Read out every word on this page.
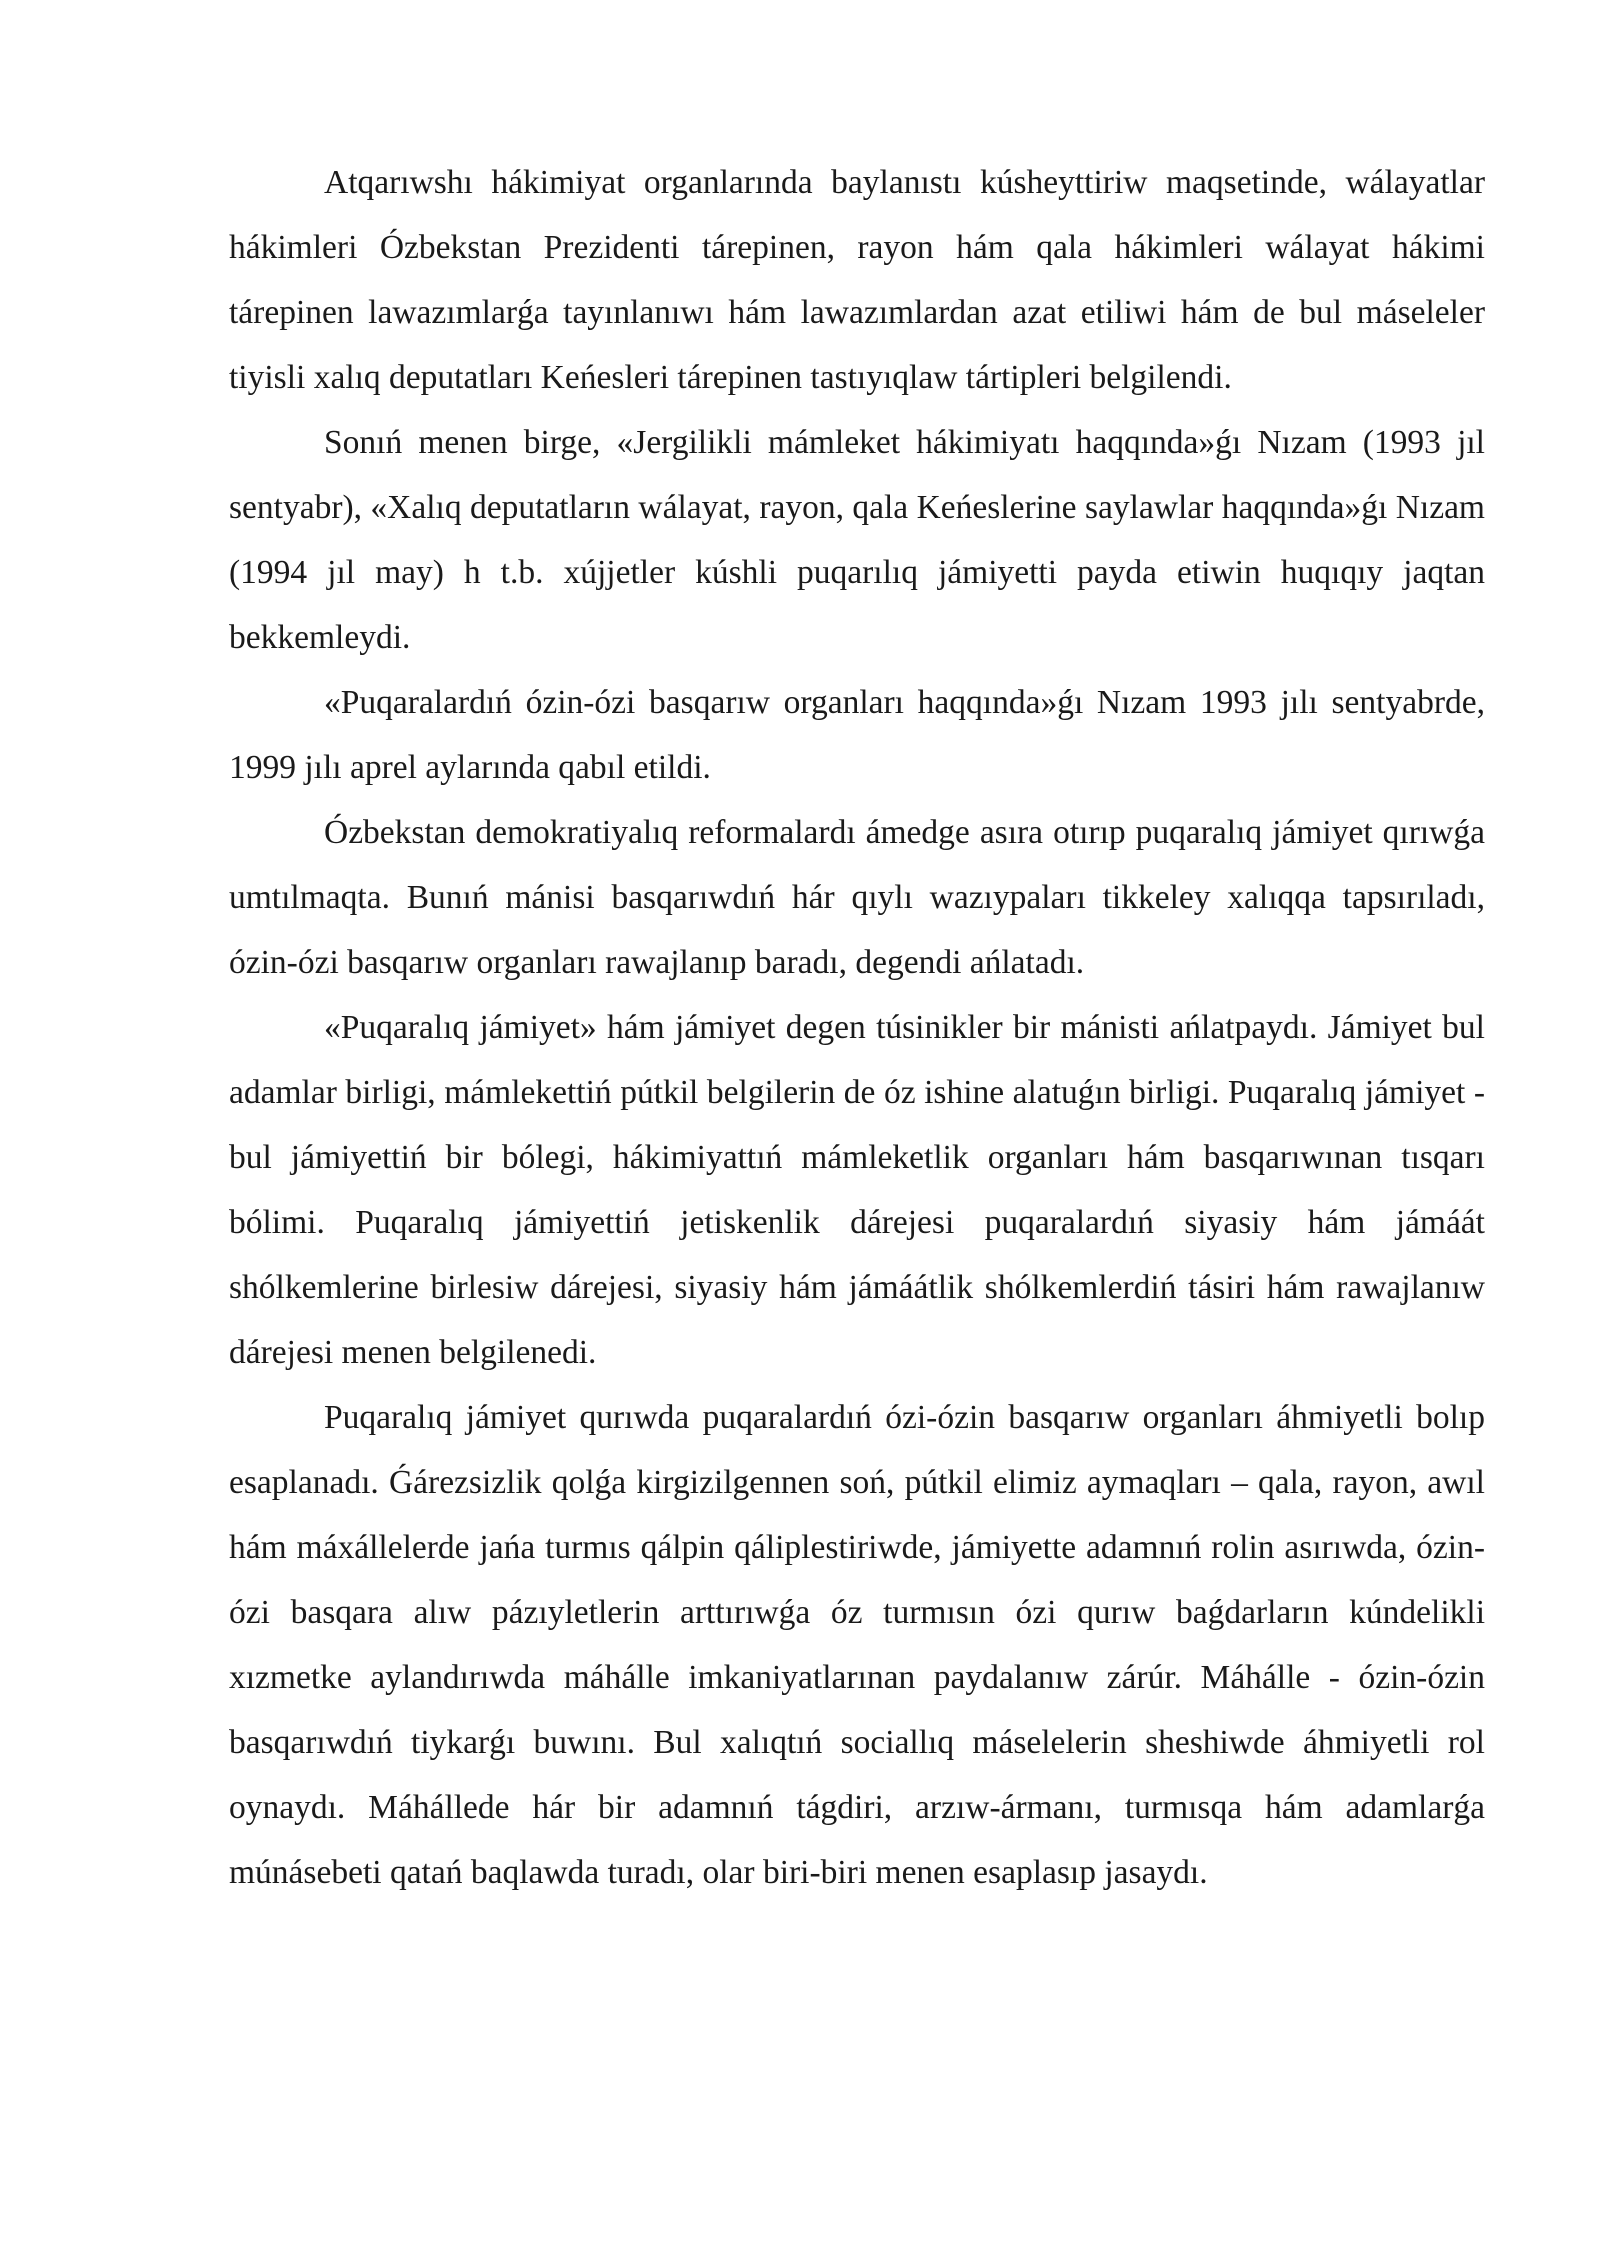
Atqarıwshı hákimiyat organlarında baylanıstı kúsheyttiriw maqsetinde, wálayatlar hákimleri Ózbekstan Prezidenti tárepinen, rayon hám qala hákimleri wálayat hákimi tárepinen lawazımlarǵa tayınlanıwı hám lawazımlardan azat etiliwi hám de bul máseleler tiyisli xalıq deputatları Keńesleri tárepinen tastıyıqlaw tártipleri belgilendi.

Sonıń menen birge, «Jergilikli mámleket hákimiyatı haqqında»ǵı Nızam (1993 jıl sentyabr), «Xalıq deputatların wálayat, rayon, qala Keńeslerine saylawlar haqqında»ǵı Nızam (1994 jıl may) h t.b. xújjetler kúshli puqarılıq jámiyetti payda etiwin huqıqıy jaqtan bekkemleydi.

«Puqaralardıń ózin-ózi basqarıw organları haqqında»ǵı Nızam 1993 jılı sentyabrde, 1999 jılı aprel aylarında qabıl etildi.

Ózbekstan demokratiyalıq reformalardı ámedge asıra otırıp puqaralıq jámiyet qırıwǵa umtılmaqta. Bunıń mánisi basqarıwdıń hár qıylı wazıypaları tikkeley xalıqqa tapsırıladı, ózin-ózi basqarıw organları rawajlanıp baradı, degendi ańlatadı.

«Puqaralıq jámiyet» hám jámiyet degen túsinikler bir mánisti ańlatpaydı. Jámiyet bul adamlar birligi, mámlekettiń pútkil belgilerin de óz ishine alatuǵın birligi. Puqaralıq jámiyet - bul jámiyettiń bir bólegi, hákimiyattıń mámleketlik organları hám basqarıwınan tısqarı bólimi. Puqaralıq jámiyettiń jetiskenlik dárejesi puqaralardıń siyasiy hám jámáát shólkemlerine birlesiw dárejesi, siyasiy hám jámáátlik shólkemlerdiń tásiri hám rawajlanıw dárejesi menen belgilenedi.

Puqaralıq jámiyet qurıwda puqaralardıń ózi-ózin basqarıw organları áhmiyetli bolıp esaplanadı. Ǵárezsizlik qolǵa kirgizilgennen soń, pútkil elimiz aymaqları – qala, rayon, awıl hám máxállelerde jańa turmıs qálpin qáliplestiriwde, jámiyette adamnıń rolin asırıwda, ózin-ózi basqara alıw pázıyletlerin arttırıwǵa óz turmısın ózi qurıw baǵdarların kúndelikli xızmetke aylandırıwda máhálle imkaniyatlarınan paydalanıw zárúr. Máhálle - ózin-ózin basqarıwdıń tiykarǵı buwını. Bul xalıqtıń sociallıq máselelerin sheshiwde áhmiyetli rol oynaydı. Máhállede hár bir adamnıń tágdiri, arzıw-ármanı, turmısqa hám adamlarǵa múnásebeti qatań baqlawda turadı, olar biri-biri menen esaplasıp jasaydı.
